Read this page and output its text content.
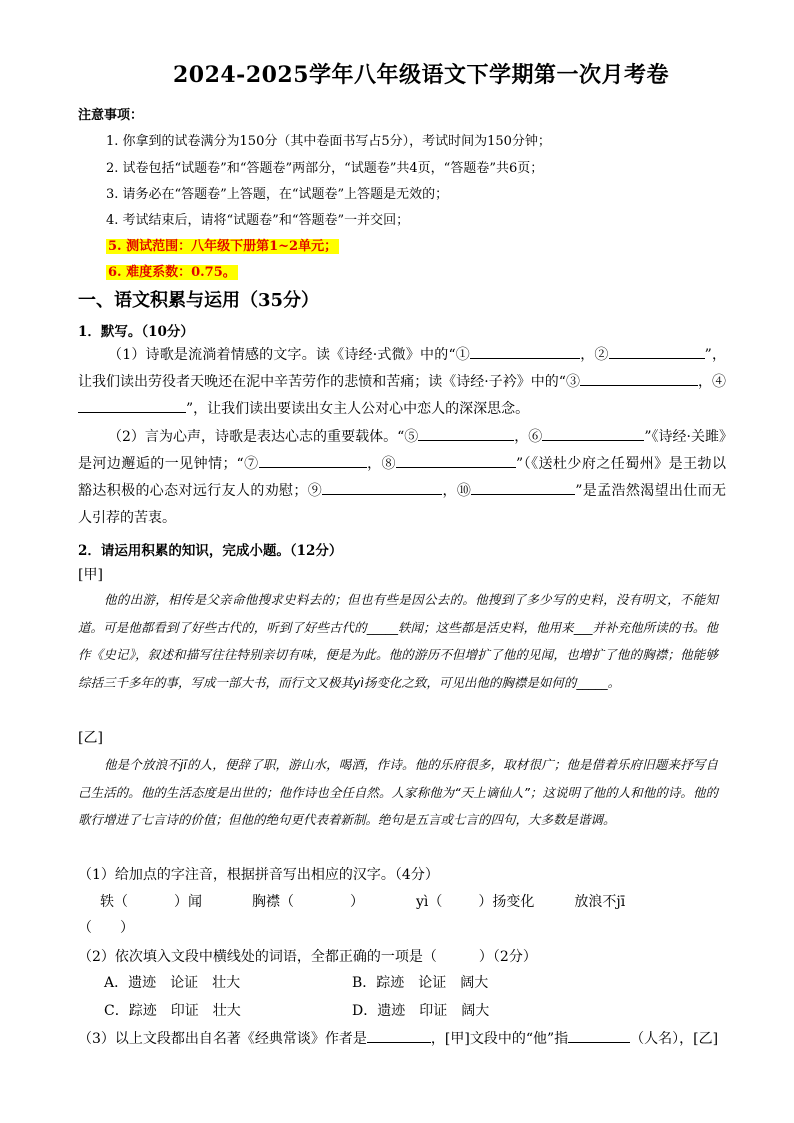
2024-2025学年八年级语文下学期第一次月考卷
注意事项：
1. 你拿到的试卷满分为150分（其中卷面书写占5分），考试时间为150分钟；
2. 试卷包括“试题卷”和“答题卷”两部分，“试题卷”共4页，“答题卷”共6页；
3. 请务必在“答题卷”上答题，在“试题卷”上答题是无效的；
4. 考试结束后，请将“试题卷”和“答题卷”一并交回；
5. 测试范围：八年级下册第1~2单元；
6. 难度系数：0.75。
一、语文积累与运用（35分）
1．默写。（10分）
（1）诗歌是流淌着情感的文字。读《诗经·式微》中的“①	，②	”，让我们读出劳役者天晚还在泥中辛苦劳作的悲愤和苦痛；读《诗经·子衿》中的“③	，④”，让我们读出要读出女主人公对心中恋人的深深思念。
（2）言为心声，诗歌是表达心志的重要载体。“⑤	，⑥	”《诗经·关雎》是河边邂逅的一见钟情；“⑦	，⑧	”（《送杜少府之任蜀州》是王勃以豁达积极的心态对远行友人的劝慰；⑨	，⑩	”是孟浩然渴望出仕而无人引荐的苦衷。
2．请运用积累的知识，完成小题。（12分）
[甲]
他的出游，相传是父亲命他搜求史料去的；但也有些是因公去的。他搜到了多少写的史料，没有明文，不能知道。可是他都看到了好些古代的，听到了好些古代的_____轶闻；这些都是活史料，他用来___并补充他所读的书。他作《史记》，叙述和描写往往特别亲切有味，便是为此。他的游历不但增扩了他的见闻，也增扩了他的胸襟；他能够综括三千多年的事，写成一部大书，而行文又极其yì扬变化之致，可见出他的胸襟是如何的_____。
[乙]
他是个放浪不jī的人，便辞了职，游山水，喝酒，作诗。他的乐府很多，取材很广；他是借着乐府旧题来抒写自己生活的。他的生活态度是出世的；他作诗也全任自然。人家称他为“天上谪仙人”；这说明了他的人和他的诗。他的歌行增进了七言诗的价值；但他的绝句更代表着新制。绝句是五言或七言的四句，大多数是谐调。
（1）给加点的字注音，根据拼音写出相应的汉字。（4分）
轶（	）闻	胸襟（	）	yì（	）扬变化	放浪不jī
（　　）
（2）依次填入文段中横线处的词语，全都正确的一项是（　　　）（2分）
A．遗迹　论证　壮大	B．踪迹　论证　阔大
C．踪迹　印证　壮大	D．遗迹　印证　阔大
（3）以上文段都出自名著《经典常谈》作者是	，[甲]文段中的“他”指	（人名），[乙]
